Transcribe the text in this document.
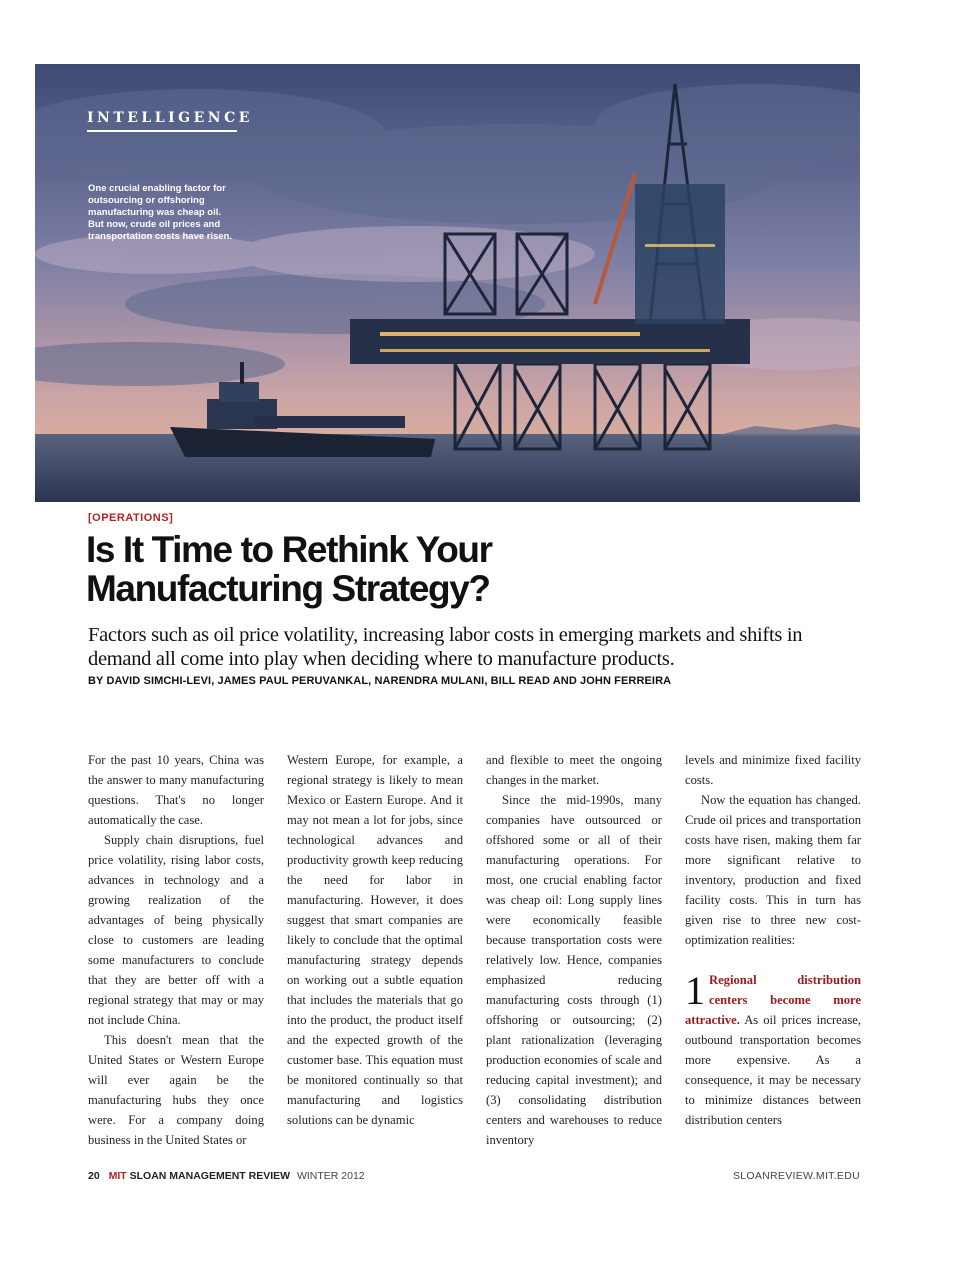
INTELLIGENCE
One crucial enabling factor for outsourcing or offshoring manufacturing was cheap oil. But now, crude oil prices and transportation costs have risen.
[OPERATIONS]
Is It Time to Rethink Your
Manufacturing Strategy?
Factors such as oil price volatility, increasing labor costs in emerging markets and shifts in demand all come into play when deciding where to manufacture products.
BY DAVID SIMCHI-LEVI, JAMES PAUL PERUVANKAL, NARENDRA MULANI, BILL READ AND JOHN FERREIRA

For the past 10 years, China was the answer to many manufacturing questions. That's no longer automatically the case.

Supply chain disruptions, fuel price volatility, rising labor costs, advances in technology and a growing realization of the advantages of being physically close to customers are leading some manufacturers to conclude that they are better off with a regional strategy that may or may not include China.

This doesn't mean that the United States or Western Europe will ever again be the manufacturing hubs they once were. For a company doing business in the United States or

Western Europe, for example, a regional strategy is likely to mean Mexico or Eastern Europe. And it may not mean a lot for jobs, since technological advances and productivity growth keep reducing the need for labor in manufacturing. However, it does suggest that smart companies are likely to conclude that the optimal manufacturing strategy depends on working out a subtle equation that includes the materials that go into the product, the product itself and the expected growth of the customer base. This equation must be monitored continually so that manufacturing and logistics solutions can be dynamic

and flexible to meet the ongoing changes in the market.

Since the mid-1990s, many companies have outsourced or offshored some or all of their manufacturing operations. For most, one crucial enabling factor was cheap oil: Long supply lines were economically feasible because transportation costs were relatively low. Hence, companies emphasized reducing manufacturing costs through (1) offshoring or outsourcing; (2) plant rationalization (leveraging production economies of scale and reducing capital investment); and (3) consolidating distribution centers and warehouses to reduce inventory

levels and minimize fixed facility costs.

Now the equation has changed. Crude oil prices and transportation costs have risen, making them far more significant relative to inventory, production and fixed facility costs. This in turn has given rise to three new cost-optimization realities:

1 Regional distribution centers become more attractive. As oil prices increase, outbound transportation becomes more expensive. As a consequence, it may be necessary to minimize distances between distribution centers

20 MIT SLOAN MANAGEMENT REVIEW WINTER 2012	SLOANREVIEW.MIT.EDU
